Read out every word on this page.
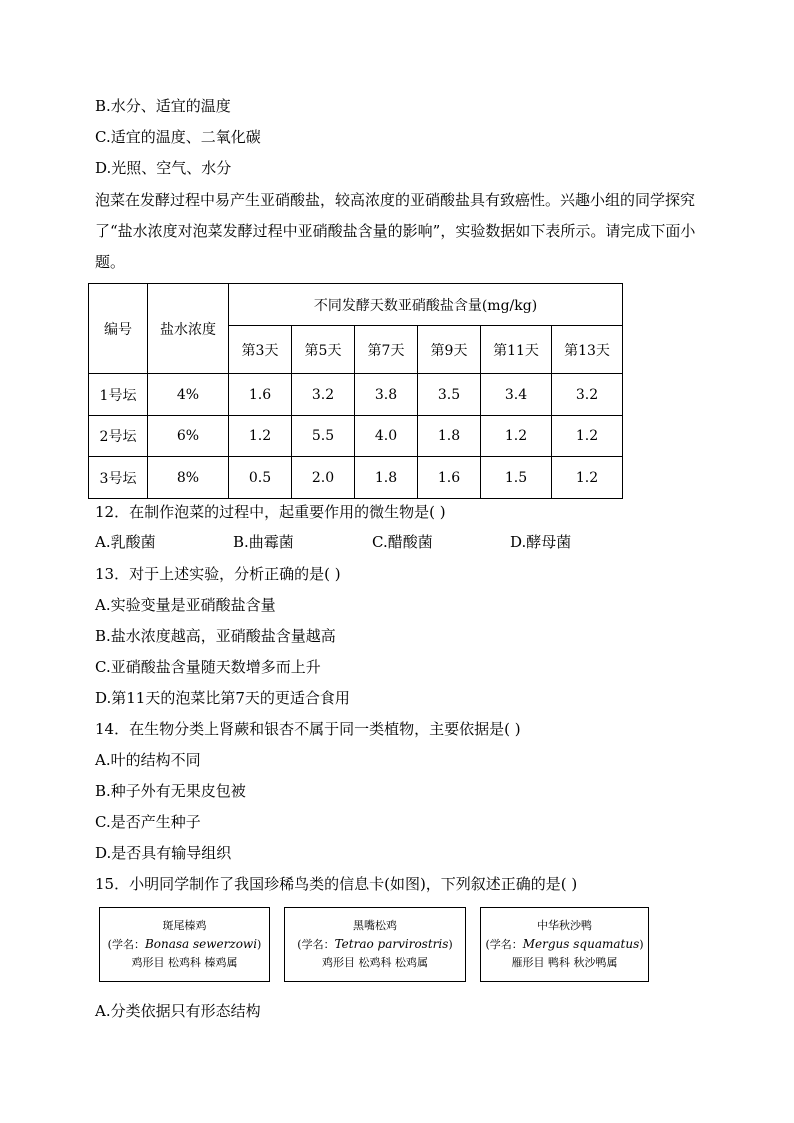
B.水分、适宜的温度
C.适宜的温度、二氧化碳
D.光照、空气、水分
泡菜在发酵过程中易产生亚硝酸盐，较高浓度的亚硝酸盐具有致癌性。兴趣小组的同学探究了“盐水浓度对泡菜发酵过程中亚硝酸盐含量的影响”，实验数据如下表所示。请完成下面小题。
编号	盐水浓度	不同发酵天数亚硝酸盐含量(mg/kg)					
		第3天	第5天	第7天	第9天	第11天	第13天
1号坛	4%	1.6	3.2	3.8	3.5	3.4	3.2
2号坛	6%	1.2	5.5	4.0	1.8	1.2	1.2
3号坛	8%	0.5	2.0	1.8	1.6	1.5	1.2
12．在制作泡菜的过程中，起重要作用的微生物是( )
A.乳酸菌	B.曲霉菌	C.醋酸菌	D.酵母菌
13．对于上述实验，分析正确的是( )
A.实验变量是亚硝酸盐含量
B.盐水浓度越高，亚硝酸盐含量越高
C.亚硝酸盐含量随天数增多而上升
D.第11天的泡菜比第7天的更适合食用
14．在生物分类上肾蕨和银杏不属于同一类植物，主要依据是( )
A.叶的结构不同
B.种子外有无果皮包被
C.是否产生种子
D.是否具有输导组织
15．小明同学制作了我国珍稀鸟类的信息卡(如图)，下列叙述正确的是( )
斑尾榛鸡
(学名：Bonasa sewerzowi)
鸡形目 松鸡科 榛鸡属
黑嘴松鸡
(学名：Tetrao parvirostris)
鸡形目 松鸡科 松鸡属
中华秋沙鸭
(学名：Mergus squamatus)
雁形目 鸭科 秋沙鸭属
A.分类依据只有形态结构
